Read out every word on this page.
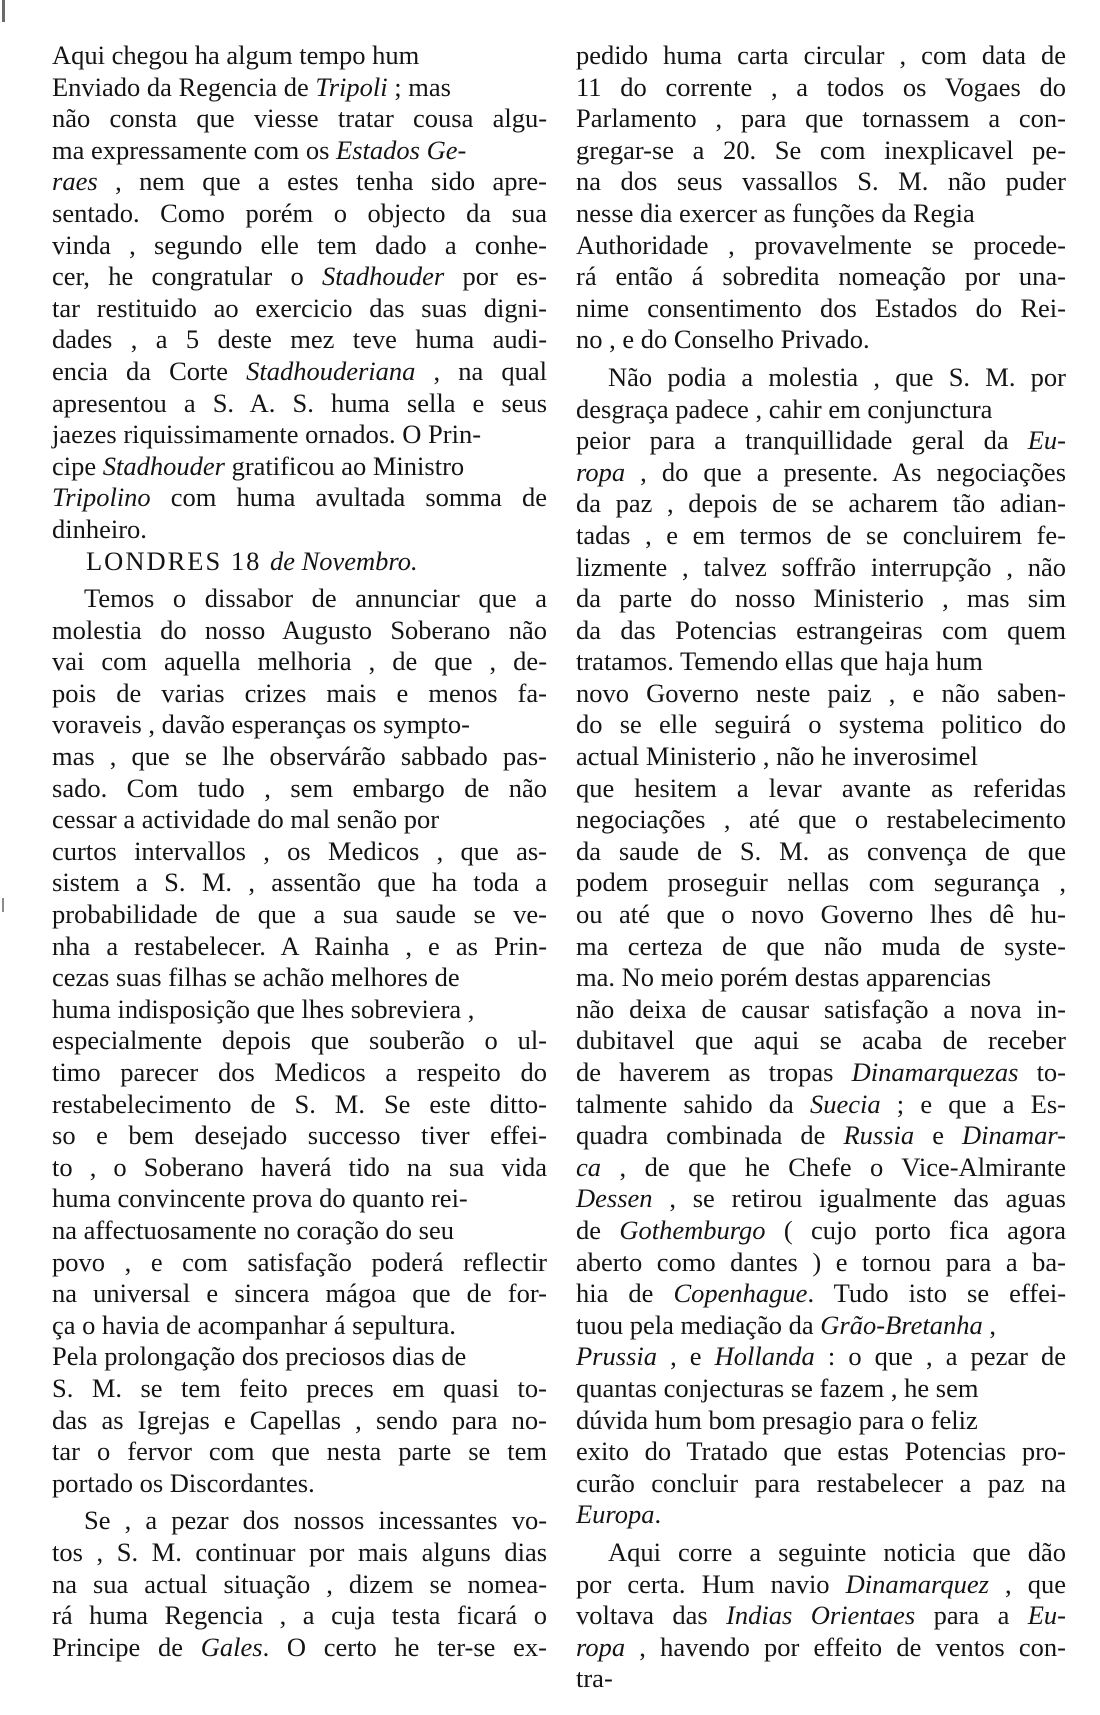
Aqui chegou ha algum tempo hum
Enviado da Regencia de Tripoli ; mas
não consta que viesse tratar cousa algu-
ma expressamente com os Estados Ge-
raes , nem que a estes tenha sido apre-
sentado. Como porém o objecto da sua
vinda , segundo elle tem dado a conhe-
cer, he congratular o Stadhouder por es-
tar restituido ao exercicio das suas digni-
dades , a 5 deste mez teve huma audi-
encia da Corte Stadhouderiana , na qual
apresentou a S. A. S. huma sella e seus
jaezes riquissimamente ornados. O Prin-
cipe Stadhouder gratificou ao Ministro
Tripolino com huma avultada somma de
dinheiro.
LONDRES 18 de Novembro.
Temos o dissabor de annunciar que a
molestia do nosso Augusto Soberano não
vai com aquella melhoria , de que , de-
pois de varias crizes mais e menos fa-
voraveis , davão esperanças os sympto-
mas , que se lhe observárão sabbado pas-
sado. Com tudo , sem embargo de não
cessar a actividade do mal senão por
curtos intervallos , os Medicos , que as-
sistem a S. M. , assentão que ha toda a
probabilidade de que a sua saude se ve-
nha a restabelecer. A Rainha , e as Prin-
cezas suas filhas se achão melhores de
huma indisposição que lhes sobreviera ,
especialmente depois que souberão o ul-
timo parecer dos Medicos a respeito do
restabelecimento de S. M. Se este ditto-
so e bem desejado successo tiver effei-
to , o Soberano haverá tido na sua vida
huma convincente prova do quanto rei-
na affectuosamente no coração do seu
povo , e com satisfação poderá reflectir
na universal e sincera mágoa que de for-
ça o havia de acompanhar á sepultura.
Pela prolongação dos preciosos dias de
S. M. se tem feito preces em quasi to-
das as Igrejas e Capellas , sendo para no-
tar o fervor com que nesta parte se tem
portado os Discordantes.
Se , a pezar dos nossos incessantes vo-
tos , S. M. continuar por mais alguns dias
na sua actual situação , dizem se nomea-
rá huma Regencia , a cuja testa ficará o
Principe de Gales. O certo he ter-se ex-
pedido huma carta circular , com data de
11 do corrente , a todos os Vogaes do
Parlamento , para que tornassem a con-
gregar-se a 20. Se com inexplicavel pe-
na dos seus vassallos S. M. não puder
nesse dia exercer as funções da Regia
Authoridade , provavelmente se procede-
rá então á sobredita nomeação por una-
nime consentimento dos Estados do Rei-
no , e do Conselho Privado.
Não podia a molestia , que S. M. por
desgraça padece , cahir em conjunctura
peior para a tranquillidade geral da Eu-
ropa , do que a presente. As negociações
da paz , depois de se acharem tão adian-
tadas , e em termos de se concluirem fe-
lizmente , talvez soffrão interrupção , não
da parte do nosso Ministerio , mas sim
da das Potencias estrangeiras com quem
tratamos. Temendo ellas que haja hum
novo Governo neste paiz , e não saben-
do se elle seguirá o systema politico do
actual Ministerio , não he inverosimel
que hesitem a levar avante as referidas
negociações , até que o restabelecimento
da saude de S. M. as convença de que
podem proseguir nellas com segurança ,
ou até que o novo Governo lhes dê hu-
ma certeza de que não muda de syste-
ma. No meio porém destas apparencias
não deixa de causar satisfação a nova in-
dubitavel que aqui se acaba de receber
de haverem as tropas Dinamarquezas to-
talmente sahido da Suecia ; e que a Es-
quadra combinada de Russia e Dinamar-
ca , de que he Chefe o Vice-Almirante
Dessen , se retirou igualmente das aguas
de Gothemburgo ( cujo porto fica agora
aberto como dantes ) e tornou para a ba-
hia de Copenhague. Tudo isto se effei-
tuou pela mediação da Grão-Bretanha ,
Prussia , e Hollanda : o que , a pezar de
quantas conjecturas se fazem , he sem
dúvida hum bom presagio para o feliz
exito do Tratado que estas Potencias pro-
curão concluir para restabelecer a paz na
Europa.
Aqui corre a seguinte noticia que dão
por certa. Hum navio Dinamarquez , que
voltava das Indias Orientaes para a Eu-
ropa , havendo por effeito de ventos con-
tra-
